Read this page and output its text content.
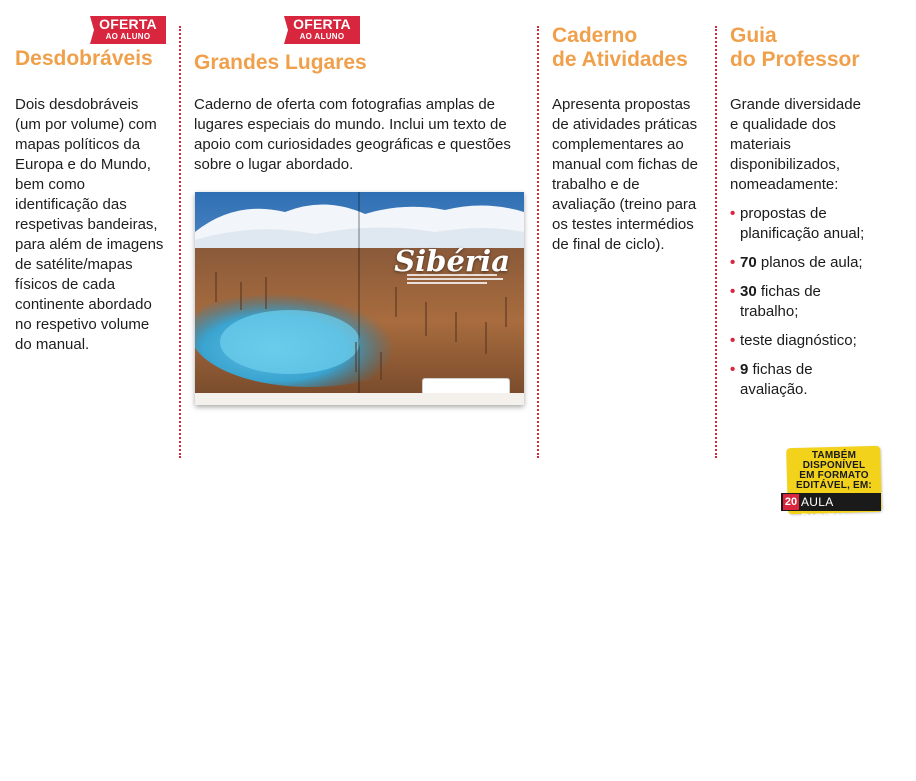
OFERTA
AO ALUNO
Desdobráveis

Dois desdobráveis (um por volume) com mapas políticos da Europa e do Mundo, bem como identificação das respetivas bandeiras, para além de imagens de satélite/mapas físicos de cada continente abordado no respetivo volume do manual.

OFERTA
AO ALUNO
Grandes Lugares

Caderno de oferta com fotografias amplas de lugares especiais do mundo. Inclui um texto de apoio com curiosidades geográficas e questões sobre o lugar abordado.

Sibéria
Caderno
de Atividades

Apresenta propostas de atividades práticas complementares ao manual com fichas de trabalho e de avaliação (treino para os testes intermédios de final de ciclo).

Guia
do Professor

Grande diversidade e qualidade dos materiais disponibilizados, nomeadamente:

• propostas de planificação anual;
• 70 planos de aula;
• 30 fichas de trabalho;
• teste diagnóstico;
• 9 fichas de avaliação.
TAMBÉM
DISPONÍVEL
EM FORMATO
EDITÁVEL, EM:
20 AULA DIGITAL
